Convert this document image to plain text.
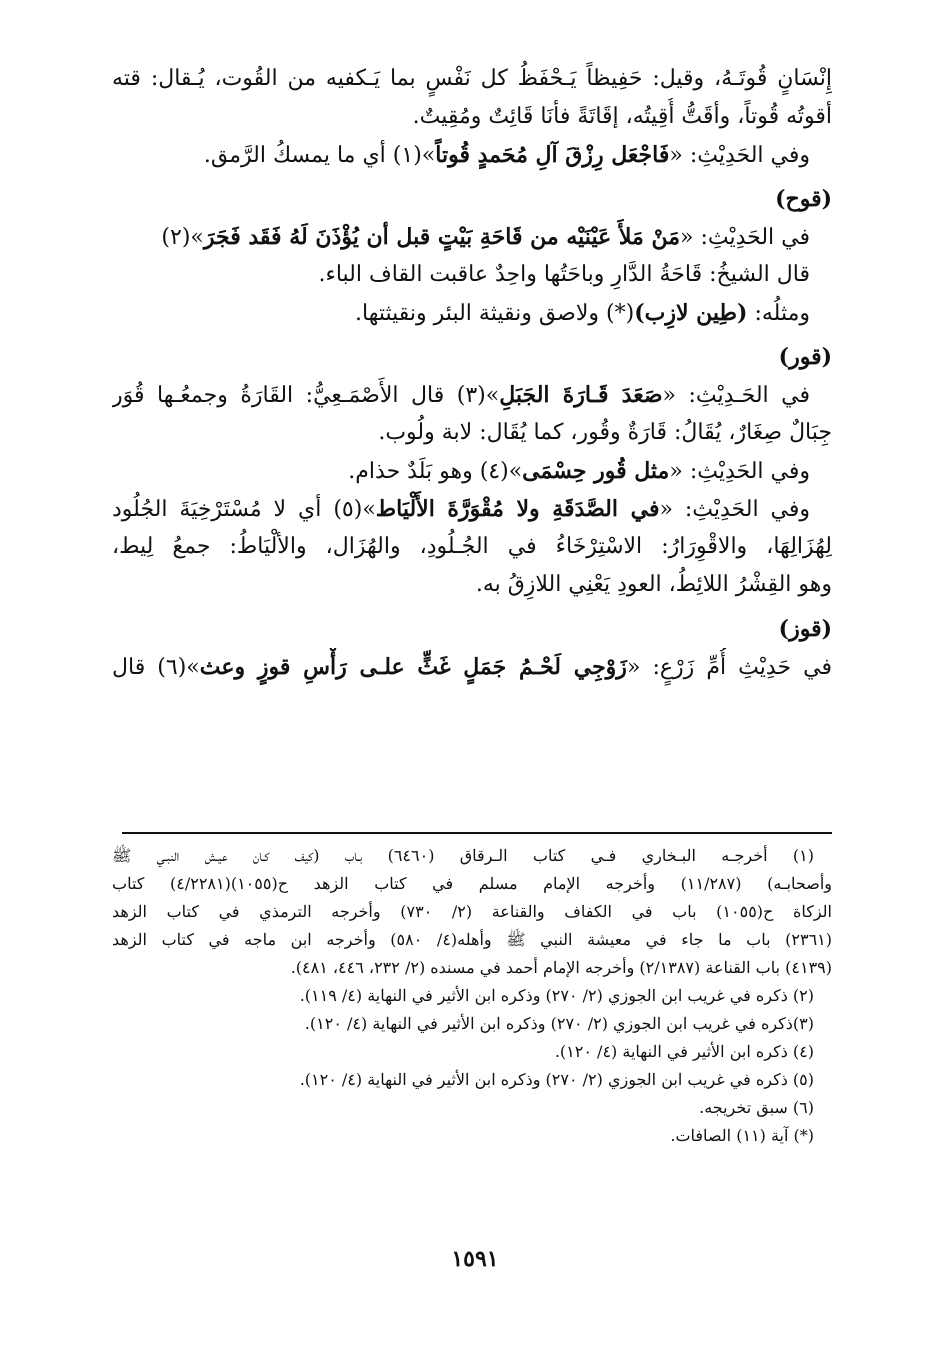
إِنْسَانٍ قُوتَـهُ، وقيل: حَفِيظاً يَـحْفَظُ كل نَفْسٍ بما يَـكفيه من القُوت، يُـقال: قته
أقوتُه قُوتاً، وأقَتُّ أُقِيتُه، إقَاتَةً فأنَا قَائِتٌ ومُقِيتٌ.
وفي الحَدِيْثِ: «فَاجْعَل رِزْقَ آلِ مُحَمدٍ قُوتاً»(١) أي ما يمسكُ الرَّمق.
(قوح)
في الحَدِيْثِ: «مَنْ مَلأَ عَيْنَيْه من قَاحَةِ بَيْتٍ قبل أن يُؤْذَنَ لَهُ فَقَد فَجَرَ»(٢)
قال الشيخُ: قَاحَةُ الدَّارِ وباحَتُها واحِدٌ عاقبت القاف الباء.
ومثلُه: (طِين لازِب)(*) ولاصق ونقيثة البئر ونقيثتها.
(قور)
في الحَـدِيْثِ: «صَعَدَ قَـارَةَ الجَبَلِ»(٣) قال الأَصْمَـعِيُّ: القَارَةُ وجمعُـها قُوَر
جِبَالٌ صِغَارٌ، يُقَالُ: قَارَةٌ وقُور، كما يُقَال: لابة ولُوب.
وفي الحَدِيْثِ: «مثل قُور حِسْمَى»(٤) وهو بَلَدٌ حذام.
وفي الحَدِيْثِ: «في الصَّدَقَةِ ولا مُقْوَرَّةَ الأَلْيَاط»(٥) أي لا مُسْتَرْخِيَةَ الجُلُود
لِهُزَالِهَا، والاقْوِرَارُ: الاسْتِرْخَاءُ في الجُـلُودِ، والهُزَال، والألْيَاطُ: جمعُ لِيط،
وهو القِشْرُ اللائِطُ، العودِ يَعْنِي اللازِقُ به.
(قوز)
في حَدِيْثِ أُمِّ زَرْعٍ: «زَوْجِي لَحْـمُ جَمَلٍ غَثٍّ علـى رَأْسِ قوزٍ وعث»(٦) قال
(١) أخرجـه البـخاري فـي كتاب الـرقاق (٦٤٦٠) بـاب (كيف كـان عيـش النبـي ﷺ
وأصحابـه) (١١/٢٨٧) وأخرجه الإمام مسلم في كتاب الزهد ح(١٠٥٥)(٤/٢٢٨١) كتاب
الزكاة ح(١٠٥٥) باب في الكفاف والقناعة (٢/ ٧٣٠) وأخرجه الترمذي في كتاب الزهد
(٢٣٦١) باب ما جاء في معيشة النبي ﷺ وأهله(٤/ ٥٨٠) وأخرجه ابن ماجه في كتاب الزهد
(٤١٣٩) باب القناعة (٢/١٣٨٧) وأخرجه الإمام أحمد في مسنده (٢/ ٢٣٢، ٤٤٦، ٤٨١).
(٢) ذكره في غريب ابن الجوزي (٢/ ٢٧٠) وذكره ابن الأثير في النهاية (٤/ ١١٩).
(٣)ذكره في غريب ابن الجوزي (٢/ ٢٧٠) وذكره ابن الأثير في النهاية (٤/ ١٢٠).
(٤) ذكره ابن الأثير في النهاية (٤/ ١٢٠).
(٥) ذكره في غريب ابن الجوزي (٢/ ٢٧٠) وذكره ابن الأثير في النهاية (٤/ ١٢٠).
(٦) سبق تخريجه.
(*) آية (١١) الصافات.
١٥٩١
